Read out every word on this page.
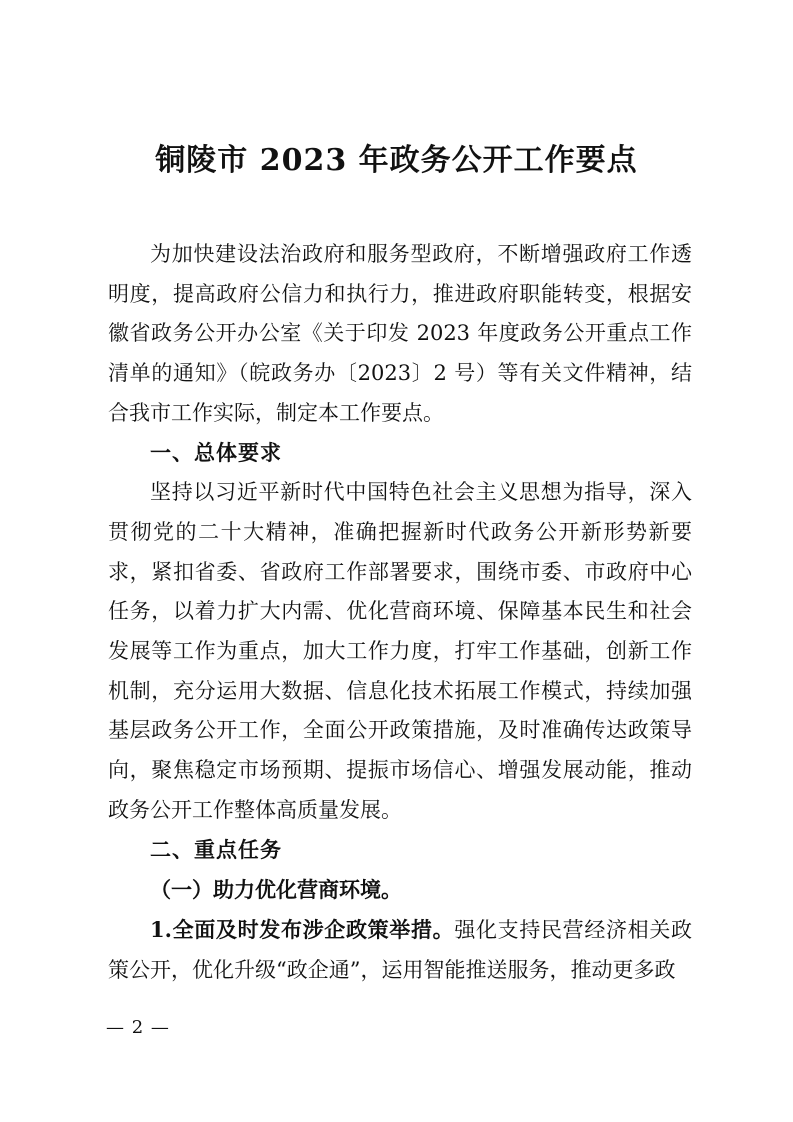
铜陵市 2023 年政务公开工作要点

为加快建设法治政府和服务型政府，不断增强政府工作透明度，提高政府公信力和执行力，推进政府职能转变，根据安徽省政务公开办公室《关于印发 2023 年度政务公开重点工作清单的通知》（皖政务办〔2023〕2 号）等有关文件精神，结合我市工作实际，制定本工作要点。

一、总体要求

坚持以习近平新时代中国特色社会主义思想为指导，深入贯彻党的二十大精神，准确把握新时代政务公开新形势新要求，紧扣省委、省政府工作部署要求，围绕市委、市政府中心任务，以着力扩大内需、优化营商环境、保障基本民生和社会发展等工作为重点，加大工作力度，打牢工作基础，创新工作机制，充分运用大数据、信息化技术拓展工作模式，持续加强基层政务公开工作，全面公开政策措施，及时准确传达政策导向，聚焦稳定市场预期、提振市场信心、增强发展动能，推动政务公开工作整体高质量发展。

二、重点任务

（一）助力优化营商环境。

1.全面及时发布涉企政策举措。强化支持民营经济相关政策公开，优化升级“政企通”，运用智能推送服务，推动更多政

— 2 —
